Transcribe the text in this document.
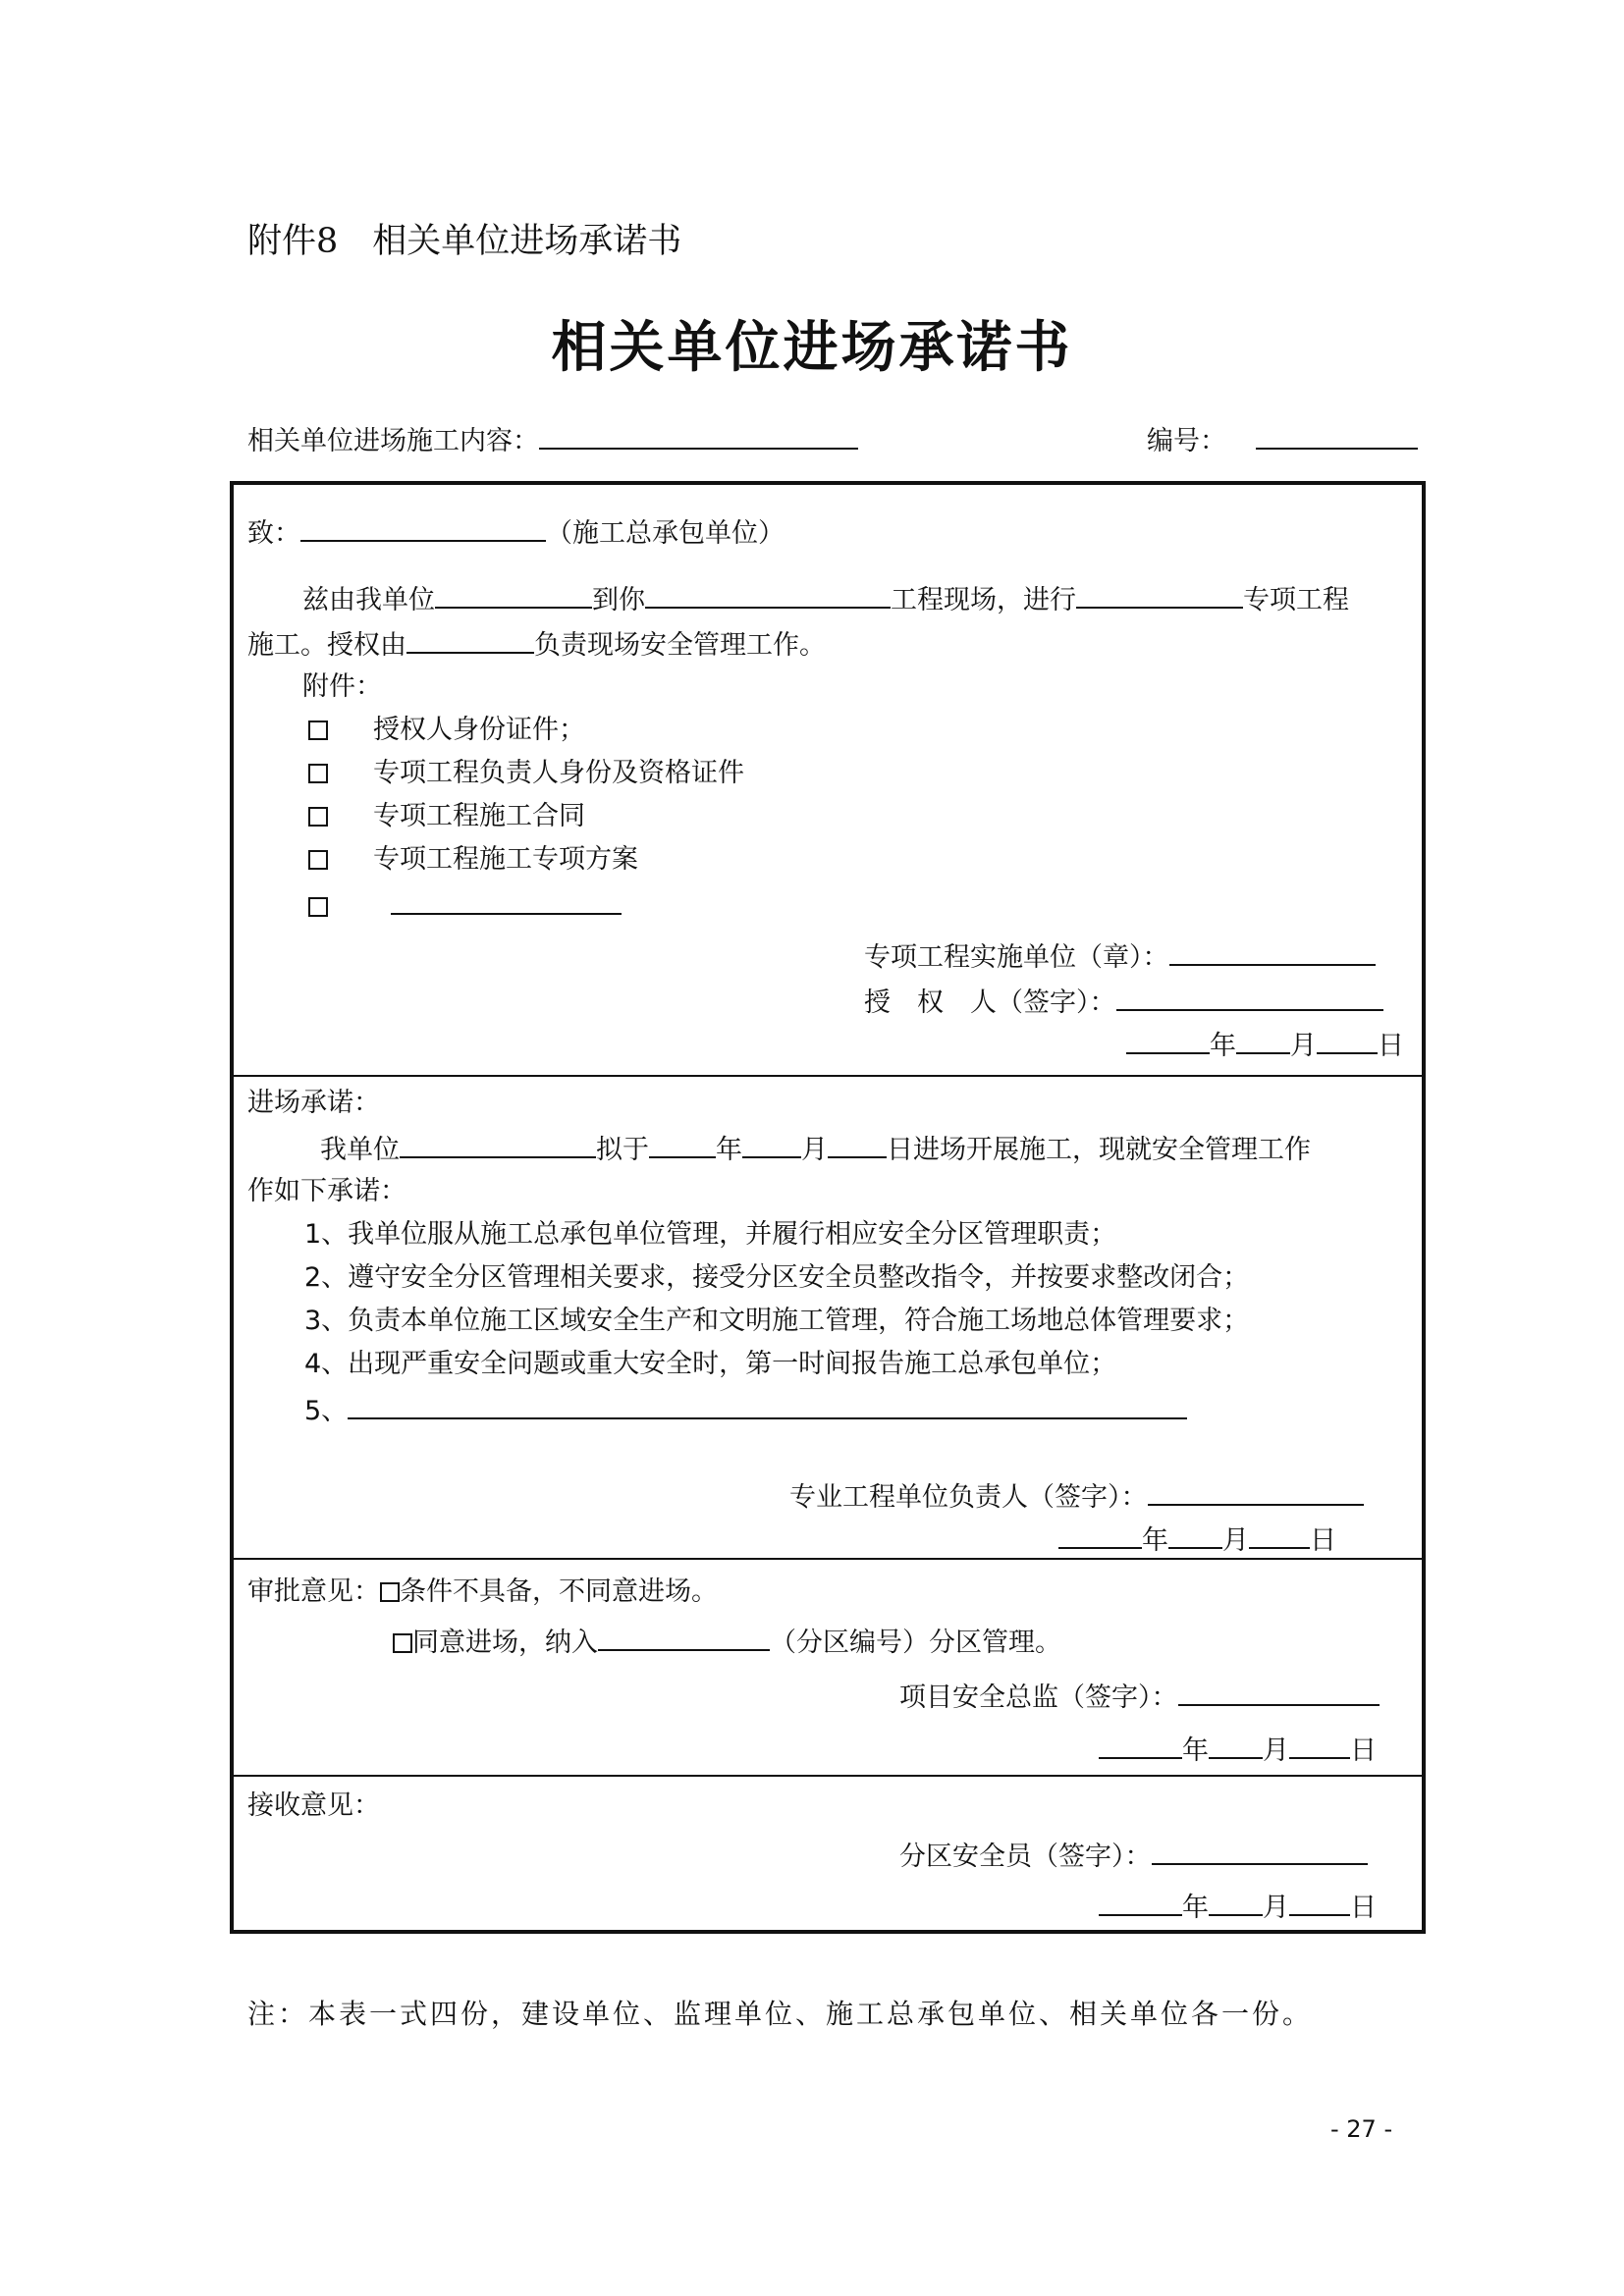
附件8　相关单位进场承诺书
相关单位进场承诺书
相关单位进场施工内容：	编号：
致：	（施工总承包单位）
兹由我单位	到你	工程现场，进行	专项工程
施工。授权由	负责现场安全管理工作。
附件：
授权人身份证件；
专项工程负责人身份及资格证件
专项工程施工合同
专项工程施工专项方案
专项工程实施单位（章）：
授　权　人（签字）：
年 月 日
进场承诺：
我单位	拟于	年 月 日进场开展施工，现就安全管理工作
作如下承诺：
1、我单位服从施工总承包单位管理，并履行相应安全分区管理职责；
2、遵守安全分区管理相关要求，接受分区安全员整改指令，并按要求整改闭合；
3、负责本单位施工区域安全生产和文明施工管理，符合施工场地总体管理要求；
4、出现严重安全问题或重大安全时，第一时间报告施工总承包单位；
5、
专业工程单位负责人（签字）：
年 月 日
审批意见： 条件不具备，不同意进场。
同意进场，纳入	（分区编号）分区管理。
项目安全总监（签字）：
年 月 日
接收意见：
分区安全员（签字）：
年 月 日
注：本表一式四份，建设单位、监理单位、施工总承包单位、相关单位各一份。
- 27 -
